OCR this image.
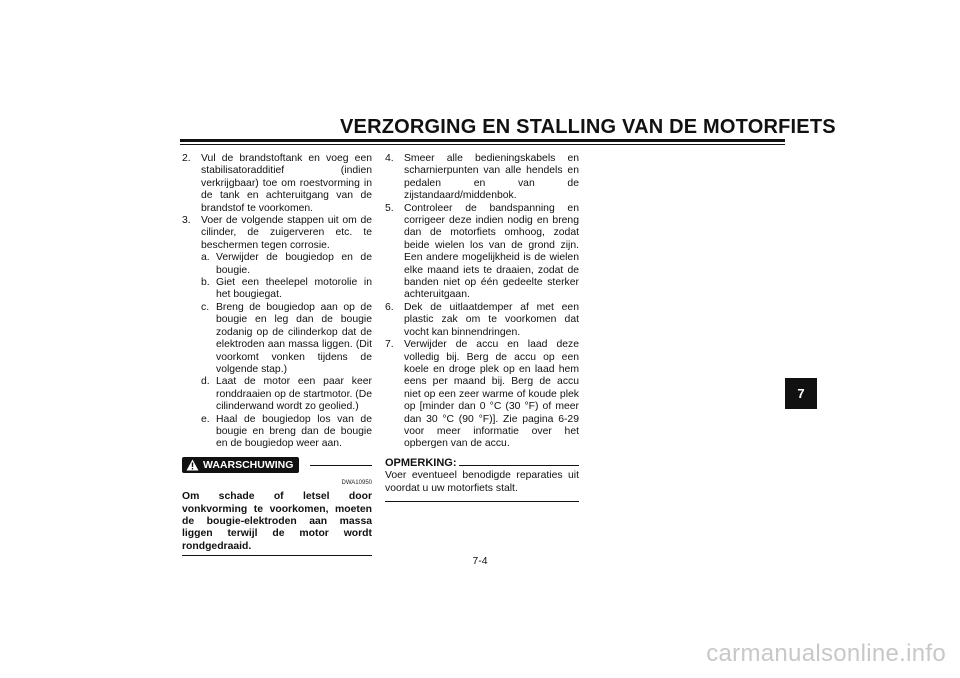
VERZORGING EN STALLING VAN DE MOTORFIETS
2. Vul de brandstoftank en voeg een stabilisatoradditief (indien verkrijgbaar) toe om roestvorming in de tank en achteruitgang van de brandstof te voorkomen.
3. Voer de volgende stappen uit om de cilinder, de zuigerveren etc. te beschermen tegen corrosie.
a. Verwijder de bougiedop en de bougie.
b. Giet een theelepel motorolie in het bougiegat.
c. Breng de bougiedop aan op de bougie en leg dan de bougie zodanig op de cilinderkop dat de elektroden aan massa liggen. (Dit voorkomt vonken tijdens de volgende stap.)
d. Laat de motor een paar keer ronddraaien op de startmotor. (De cilinderwand wordt zo geolied.)
e. Haal de bougiedop los van de bougie en breng dan de bougie en de bougiedop weer aan.
WAARSCHUWING
DWA10950
Om schade of letsel door vonkvorming te voorkomen, moeten de bougie-elektroden aan massa liggen terwijl de motor wordt rondgedraaid.
4. Smeer alle bedieningskabels en scharnierpunten van alle hendels en pedalen en van de zijstandaard/middenbok.
5. Controleer de bandspanning en corrigeer deze indien nodig en breng dan de motorfiets omhoog, zodat beide wielen los van de grond zijn. Een andere mogelijkheid is de wielen elke maand iets te draaien, zodat de banden niet op één gedeelte sterker achteruitgaan.
6. Dek de uitlaatdemper af met een plastic zak om te voorkomen dat vocht kan binnendringen.
7. Verwijder de accu en laad deze volledig bij. Berg de accu op een koele en droge plek op en laad hem eens per maand bij. Berg de accu niet op een zeer warme of koude plek op [minder dan 0 °C (30 °F) of meer dan 30 °C (90 °F)]. Zie pagina 6-29 voor meer informatie over het opbergen van de accu.
OPMERKING:
Voer eventueel benodigde reparaties uit voordat u uw motorfiets stalt.
7-4
7
carmanualsonline.info
